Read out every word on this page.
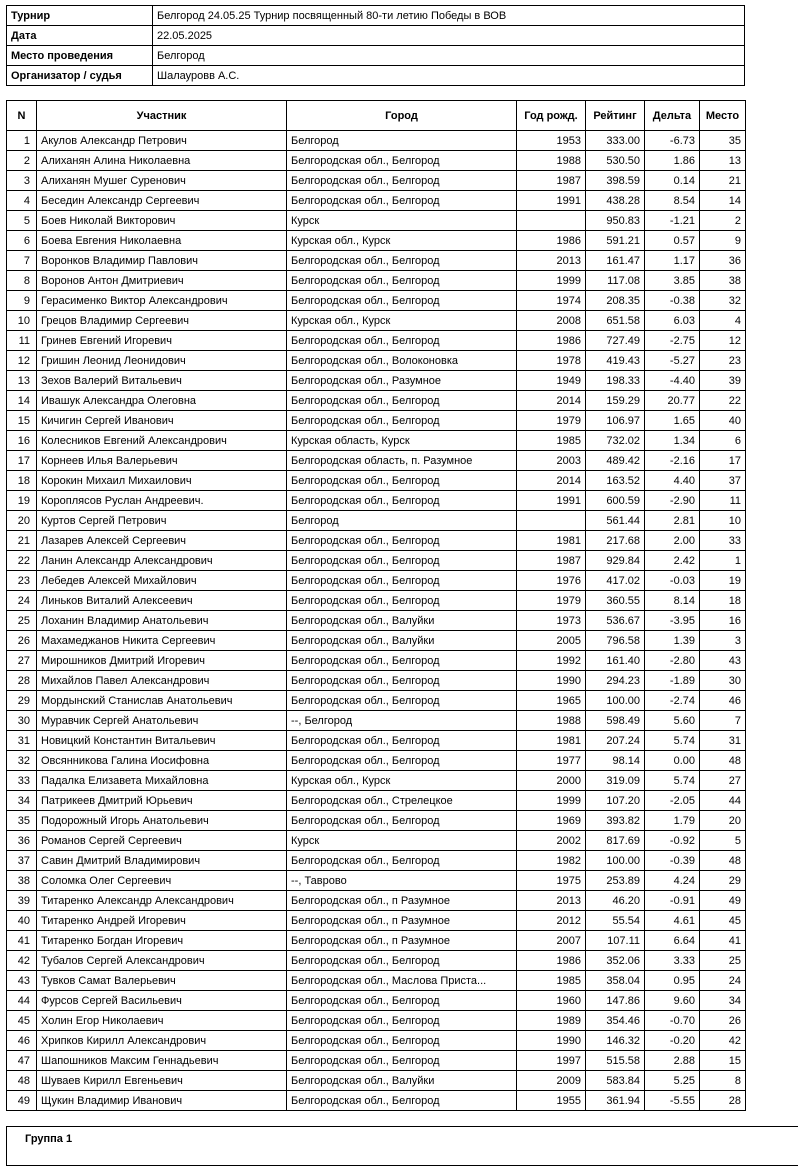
Турнир	Белгород 24.05.25 Турнир посвященный 80-ти летию Победы в ВОВ
Дата	22.05.2025
Место проведения	Белгород
Организатор / судья	Шалауровв А.С.
N	Участник	Город	Год рожд.	Рейтинг	Дельта	Место
1	Акулов Александр Петрович	Белгород	1953	333.00	-6.73	35
2	Алиханян Алина Николаевна	Белгородская обл., Белгород	1988	530.50	1.86	13
3	Алиханян Мушег Суренович	Белгородская обл., Белгород	1987	398.59	0.14	21
4	Беседин Александр Сергеевич	Белгородская обл., Белгород	1991	438.28	8.54	14
5	Боев Николай Викторович	Курск		950.83	-1.21	2
6	Боева Евгения Николаевна	Курская обл., Курск	1986	591.21	0.57	9
7	Воронков Владимир Павлович	Белгородская обл., Белгород	2013	161.47	1.17	36
8	Воронов Антон Дмитриевич	Белгородская обл., Белгород	1999	117.08	3.85	38
9	Герасименко Виктор Александрович	Белгородская обл., Белгород	1974	208.35	-0.38	32
10	Грецов Владимир Сергеевич	Курская обл., Курск	2008	651.58	6.03	4
11	Гринев Евгений Игоревич	Белгородская обл., Белгород	1986	727.49	-2.75	12
12	Гришин Леонид Леонидович	Белгородская обл., Волоконовка	1978	419.43	-5.27	23
13	Зехов Валерий Витальевич	Белгородская обл., Разумное	1949	198.33	-4.40	39
14	Ивашук Александра Олеговна	Белгородская обл., Белгород	2014	159.29	20.77	22
15	Кичигин Сергей Иванович	Белгородская обл., Белгород	1979	106.97	1.65	40
16	Колесников Евгений Александрович	Курская область, Курск	1985	732.02	1.34	6
17	Корнеев Илья Валерьевич	Белгородская область, п. Разумное	2003	489.42	-2.16	17
18	Корокин Михаил Михаилович	Белгородская обл., Белгород	2014	163.52	4.40	37
19	Короплясов Руслан Андреевич.	Белгородская обл., Белгород	1991	600.59	-2.90	11
20	Куртов Сергей Петрович	Белгород		561.44	2.81	10
21	Лазарев Алексей Сергеевич	Белгородская обл., Белгород	1981	217.68	2.00	33
22	Ланин Александр Александрович	Белгородская обл., Белгород	1987	929.84	2.42	1
23	Лебедев Алексей Михайлович	Белгородская обл., Белгород	1976	417.02	-0.03	19
24	Линьков Виталий Алексеевич	Белгородская обл., Белгород	1979	360.55	8.14	18
25	Лоханин Владимир Анатольевич	Белгородская обл., Валуйки	1973	536.67	-3.95	16
26	Махамеджанов Никита Сергеевич	Белгородская обл., Валуйки	2005	796.58	1.39	3
27	Мирошников Дмитрий Игоревич	Белгородская обл., Белгород	1992	161.40	-2.80	43
28	Михайлов Павел Александрович	Белгородская обл., Белгород	1990	294.23	-1.89	30
29	Мордынский Станислав Анатольевич	Белгородская обл., Белгород	1965	100.00	-2.74	46
30	Муравчик Сергей Анатольевич	--, Белгород	1988	598.49	5.60	7
31	Новицкий Константин Витальевич	Белгородская обл., Белгород	1981	207.24	5.74	31
32	Овсянникова Галина Иосифовна	Белгородская обл., Белгород	1977	98.14	0.00	48
33	Падалка Елизавета Михайловна	Курская обл., Курск	2000	319.09	5.74	27
34	Патрикеев Дмитрий Юрьевич	Белгородская обл., Стрелецкое	1999	107.20	-2.05	44
35	Подорожный Игорь Анатольевич	Белгородская обл., Белгород	1969	393.82	1.79	20
36	Романов Сергей Сергеевич	Курск	2002	817.69	-0.92	5
37	Савин Дмитрий Владимирович	Белгородская обл., Белгород	1982	100.00	-0.39	48
38	Соломка Олег Сергеевич	--, Таврово	1975	253.89	4.24	29
39	Титаренко Александр Александрович	Белгородская обл., п Разумное	2013	46.20	-0.91	49
40	Титаренко Андрей Игоревич	Белгородская обл., п Разумное	2012	55.54	4.61	45
41	Титаренко Богдан Игоревич	Белгородская обл., п Разумное	2007	107.11	6.64	41
42	Тубалов Сергей Александрович	Белгородская обл., Белгород	1986	352.06	3.33	25
43	Тувков Самат Валерьевич	Белгородская обл., Маслова Приста...	1985	358.04	0.95	24
44	Фурсов Сергей Васильевич	Белгородская обл., Белгород	1960	147.86	9.60	34
45	Холин Егор Николаевич	Белгородская обл., Белгород	1989	354.46	-0.70	26
46	Хрипков Кирилл Александрович	Белгородская обл., Белгород	1990	146.32	-0.20	42
47	Шапошников Максим Геннадьевич	Белгородская обл., Белгород	1997	515.58	2.88	15
48	Шуваев Кирилл Евгеньевич	Белгородская обл., Валуйки	2009	583.84	5.25	8
49	Щукин Владимир Иванович	Белгородская обл., Белгород	1955	361.94	-5.55	28
Группа 1
